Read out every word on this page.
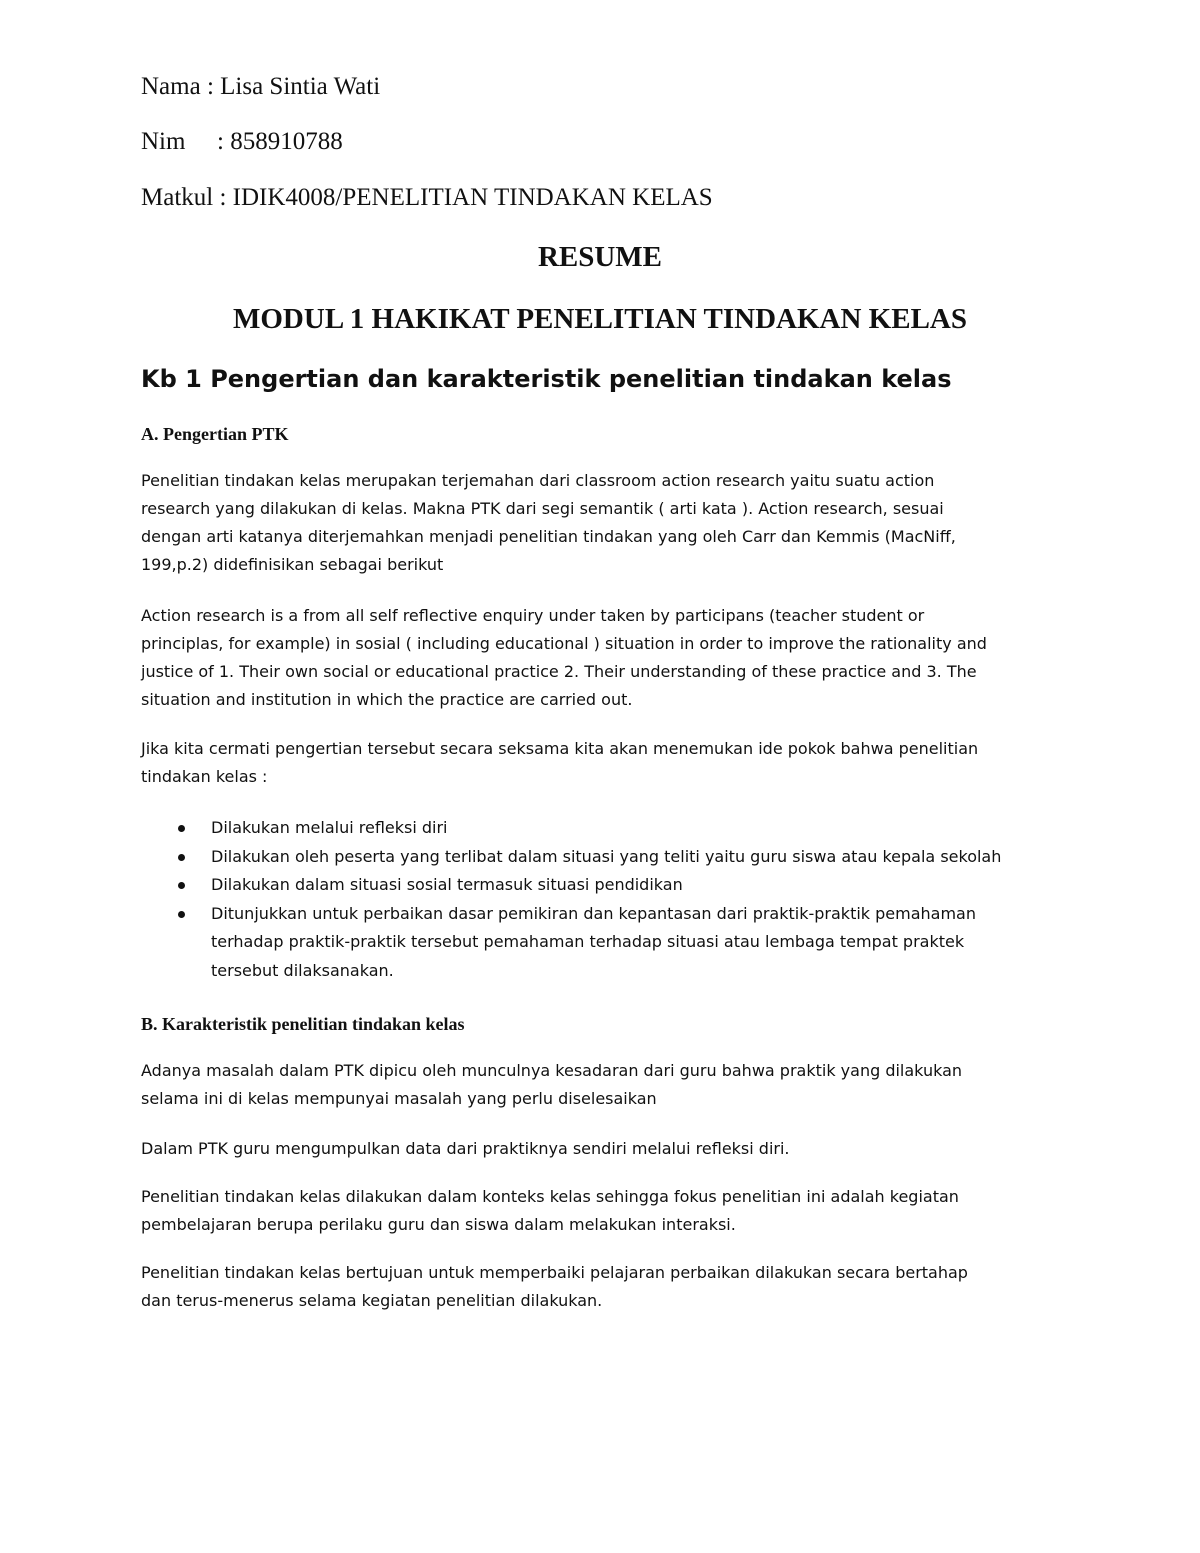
Nama : Lisa Sintia Wati

Nim : 858910788

Matkul : IDIK4008/PENELITIAN TINDAKAN KELAS

RESUME
MODUL 1 HAKIKAT PENELITIAN TINDAKAN KELAS
Kb 1 Pengertian dan karakteristik penelitian tindakan kelas
A. Pengertian PTK
Penelitian tindakan kelas merupakan terjemahan dari classroom action research yaitu suatu action
research yang dilakukan di kelas. Makna PTK dari segi semantik ( arti kata ). Action research, sesuai
dengan arti katanya diterjemahkan menjadi penelitian tindakan yang oleh Carr dan Kemmis (MacNiff,
199,p.2) didefinisikan sebagai berikut
Action research is a from all self reflective enquiry under taken by participans (teacher student or
principlas, for example) in sosial ( including educational ) situation in order to improve the rationality and
justice of 1. Their own social or educational practice 2. Their understanding of these practice and 3. The
situation and institution in which the practice are carried out.
Jika kita cermati pengertian tersebut secara seksama kita akan menemukan ide pokok bahwa penelitian
tindakan kelas :
Dilakukan melalui refleksi diri
Dilakukan oleh peserta yang terlibat dalam situasi yang teliti yaitu guru siswa atau kepala sekolah
Dilakukan dalam situasi sosial termasuk situasi pendidikan
Ditunjukkan untuk perbaikan dasar pemikiran dan kepantasan dari praktik-praktik pemahaman
terhadap praktik-praktik tersebut pemahaman terhadap situasi atau lembaga tempat praktek
tersebut dilaksanakan.
B. Karakteristik penelitian tindakan kelas
Adanya masalah dalam PTK dipicu oleh munculnya kesadaran dari guru bahwa praktik yang dilakukan
selama ini di kelas mempunyai masalah yang perlu diselesaikan
Dalam PTK guru mengumpulkan data dari praktiknya sendiri melalui refleksi diri.
Penelitian tindakan kelas dilakukan dalam konteks kelas sehingga fokus penelitian ini adalah kegiatan
pembelajaran berupa perilaku guru dan siswa dalam melakukan interaksi.
Penelitian tindakan kelas bertujuan untuk memperbaiki pelajaran perbaikan dilakukan secara bertahap
dan terus-menerus selama kegiatan penelitian dilakukan.
